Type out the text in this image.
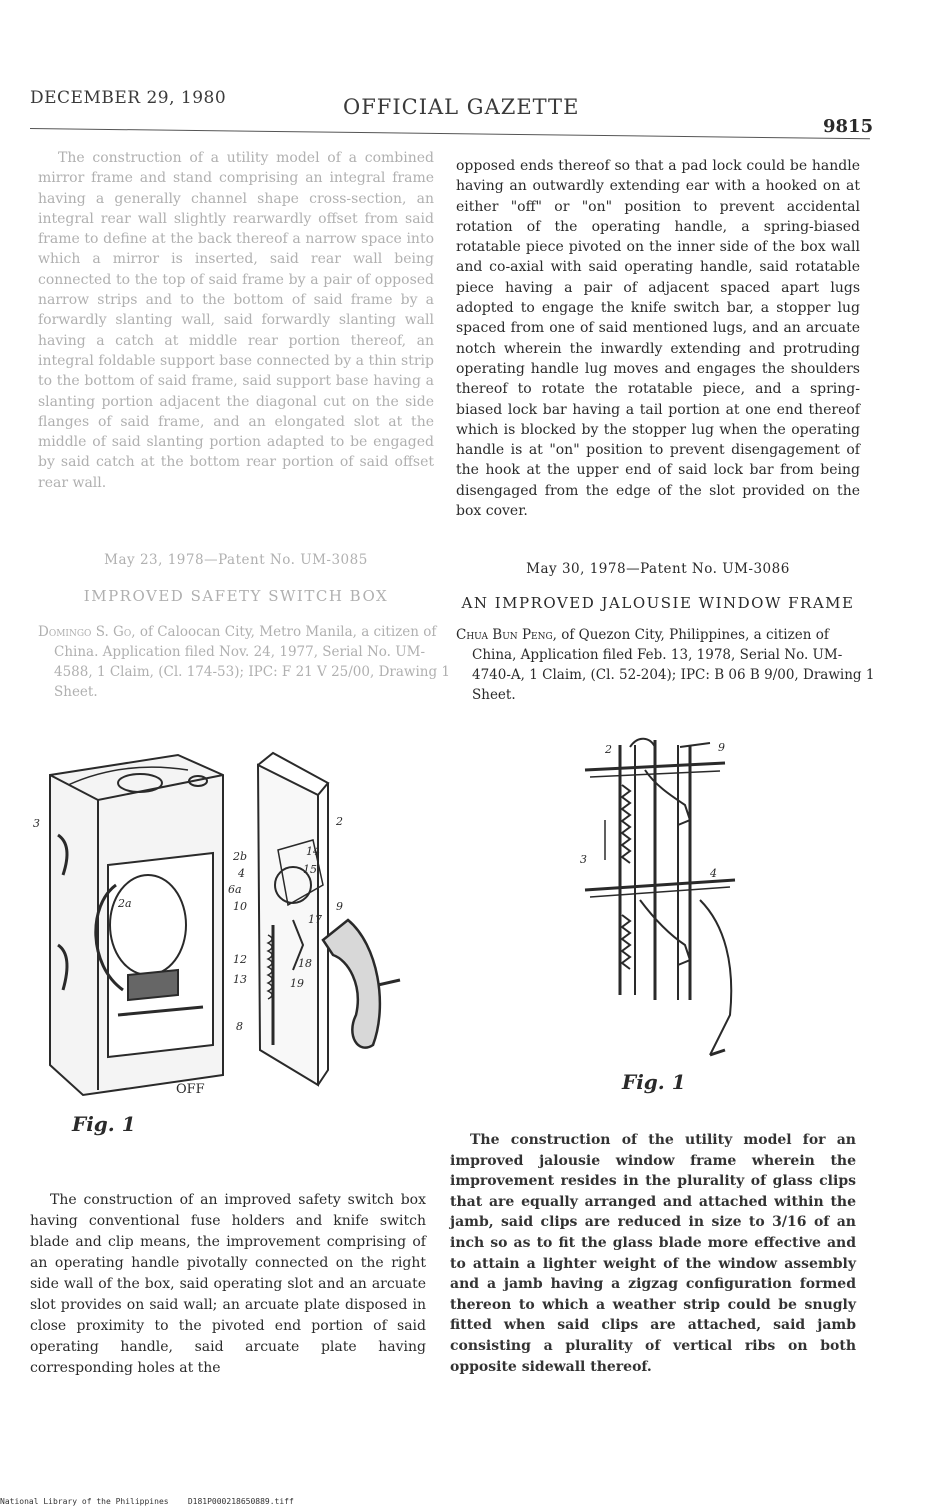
DECEMBER 29, 1980	OFFICIAL GAZETTE
9815

The construction of a utility model of a combined mirror frame and stand comprising an integral frame having a generally channel shape cross-section, an integral rear wall slightly rearwardly offset from said frame to define at the back thereof a narrow space into which a mirror is inserted, said rear wall being connected to the top of said frame by a pair of opposed narrow strips and to the bottom of said frame by a forwardly slanting wall, said forwardly slanting wall having a catch at middle rear portion thereof, an integral foldable support base connected by a thin strip to the bottom of said frame, said support base having a slanting portion adjacent the diagonal cut on the side flanges of said frame, and an elongated slot at the middle of said slanting portion adapted to be engaged by said catch at the bottom rear portion of said offset rear wall.

May 23, 1978—Patent No. UM-3085
IMPROVED SAFETY SWITCH BOX
Domingo S. Go, of Caloocan City, Metro Manila, a citizen of China. Application filed Nov. 24, 1977, Serial No. UM-4588, 1 Claim, (Cl. 174-53); IPC: F 21 V 25/00, Drawing 1 Sheet.
3
2a
2
2b
4
6a
10	9
12
13
8
18
19
17
14
15
OFF
Fig. 1

The construction of an improved safety switch box having conventional fuse holders and knife switch blade and clip means, the improvement comprising of an operating handle pivotally connected on the right side wall of the box, said operating slot and an arcuate slot provides on said wall; an arcuate plate disposed in close proximity to the pivoted end portion of said operating handle, said arcuate plate having corresponding holes at the

opposed ends thereof so that a pad lock could be handle having an outwardly extending ear with a hooked on at either "off" or "on" position to prevent accidental rotation of the operating handle, a spring-biased rotatable piece pivoted on the inner side of the box wall and co-axial with said operating handle, said rotatable piece having a pair of adjacent spaced apart lugs adopted to engage the knife switch bar, a stopper lug spaced from one of said mentioned lugs, and an arcuate notch wherein the inwardly extending and protruding operating handle lug moves and engages the shoulders thereof to rotate the rotatable piece, and a spring-biased lock bar having a tail portion at one end thereof which is blocked by the stopper lug when the operating handle is at "on" position to prevent disengagement of the hook at the upper end of said lock bar from being disengaged from the edge of the slot provided on the box cover.

May 30, 1978—Patent No. UM-3086
AN IMPROVED JALOUSIE WINDOW FRAME
Chua Bun Peng, of Quezon City, Philippines, a citizen of China, Application filed Feb. 13, 1978, Serial No. UM-4740-A, 1 Claim, (Cl. 52-204); IPC: B 06 B 9/00, Drawing 1 Sheet.
2
3
4
9
Fig. 1

The construction of the utility model for an improved jalousie window frame wherein the improvement resides in the plurality of glass clips that are equally arranged and attached within the jamb, said clips are reduced in size to 3/16 of an inch so as to fit the glass blade more effective and to attain a lighter weight of the window assembly and a jamb having a zigzag configuration formed thereon to which a weather strip could be snugly fitted when said clips are attached, said jamb consisting a plurality of vertical ribs on both opposite sidewall thereof.

National Library of the Philippines    D181P000218650889.tiff
